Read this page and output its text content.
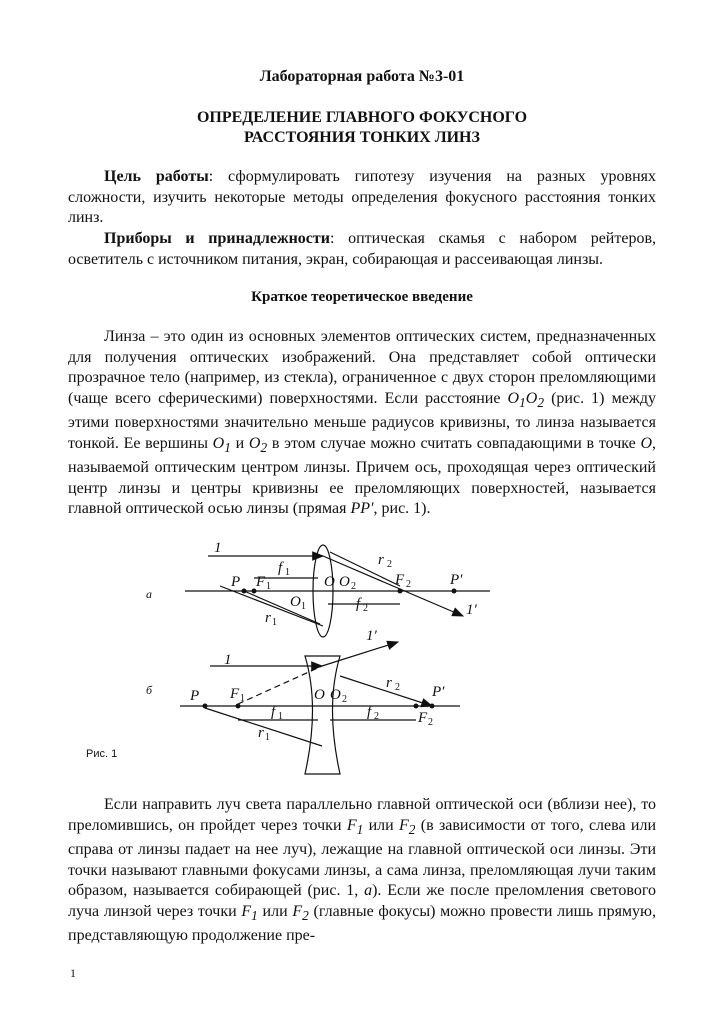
Лабораторная работа №3-01
ОПРЕДЕЛЕНИЕ ГЛАВНОГО ФОКУСНОГО
РАССТОЯНИЯ ТОНКИХ ЛИНЗ
Цель работы: сформулировать гипотезу изучения на разных уровнях сложности, изучить некоторые методы определения фокусного расстояния тонких линз.
Приборы и принадлежности: оптическая скамья с набором рейтеров, осветитель с источником питания, экран, собирающая и рассеивающая линзы.
Краткое теоретическое введение
Линза – это один из основных элементов оптических систем, предназначенных для получения оптических изображений. Она представляет собой оптически прозрачное тело (например, из стекла), ограниченное с двух сторон преломляющими (чаще всего сферическими) поверхностями. Если расстояние $O_1O_2$ (рис. 1) между этими поверхностями значительно меньше радиусов кривизны, то линза называется тонкой. Ее вершины $O_1$ и $O_2$ в этом случае можно считать совпадающими в точке O, называемой оптическим центром линзы. Причем ось, проходящая через оптический центр линзы и центры кривизны ее преломляющих поверхностей, называется главной оптической осью линзы (прямая PP′, рис. 1).
а
1
P F
f
O O	F
r
P′
1′
O	f
r
б
1
1′
P F	O O
r
P′
f	f	F
r
1
1
2	2
2
1	2
1
1	2
2
1	2
2
1
Рис. 1
Если направить луч света параллельно главной оптической оси (вблизи нее), то преломившись, он пройдет через точки $F_1$ или $F_2$ (в зависимости от того, слева или справа от линзы падает на нее луч), лежащие на главной оптической оси линзы. Эти точки называют главными фокусами линзы, а сама линза, преломляющая лучи таким образом, называется собирающей (рис. 1, а). Если же после преломления светового луча линзой через точки $F_1$ или $F_2$ (главные фокусы) можно провести лишь прямую, представляющую продолжение пре-
1
